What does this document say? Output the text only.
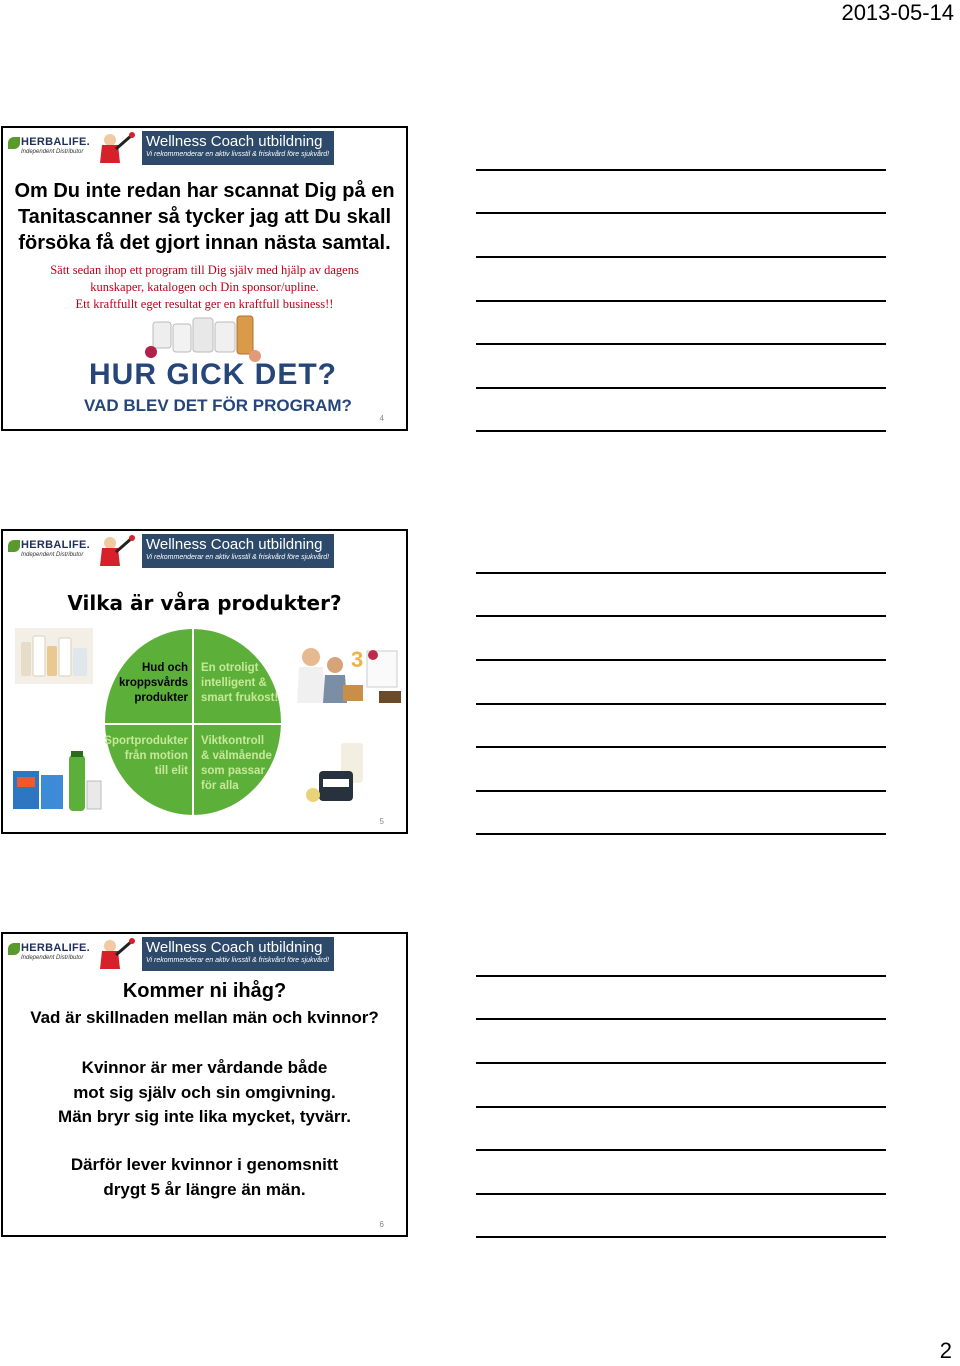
2013-05-14
HERBALIFE.
Independent Distributor
Wellness Coach utbildning
Vi rekommenderar en aktiv livsstil & friskvård före sjukvård!
Om Du inte redan har scannat Dig på en
Tanitascanner så tycker jag att Du skall
försöka få det gjort innan nästa samtal.
Sätt sedan ihop ett program till Dig själv med hjälp av dagens
kunskaper, katalogen och Din sponsor/upline.
Ett kraftfullt eget resultat ger en kraftfull business!!
HUR GICK DET?
VAD BLEV DET FÖR PROGRAM?
4
HERBALIFE.
Independent Distributor
Wellness Coach utbildning
Vi rekommenderar en aktiv livsstil & friskvård före sjukvård!
Vilka är våra produkter?
3
Hud och
kroppsvårds
produkter
En otroligt
intelligent &
smart frukost!
Sportprodukter
från motion
till elit
Viktkontroll
& välmående
som passar
för alla
5
HERBALIFE.
Independent Distributor
Wellness Coach utbildning
Vi rekommenderar en aktiv livsstil & friskvård före sjukvård!
Kommer ni ihåg?
Vad är skillnaden mellan män och kvinnor?
Kvinnor är mer vårdande både
mot sig själv och sin omgivning.
Män bryr sig inte lika mycket, tyvärr.
Därför lever kvinnor i genomsnitt
drygt 5 år längre än män.
6
2
